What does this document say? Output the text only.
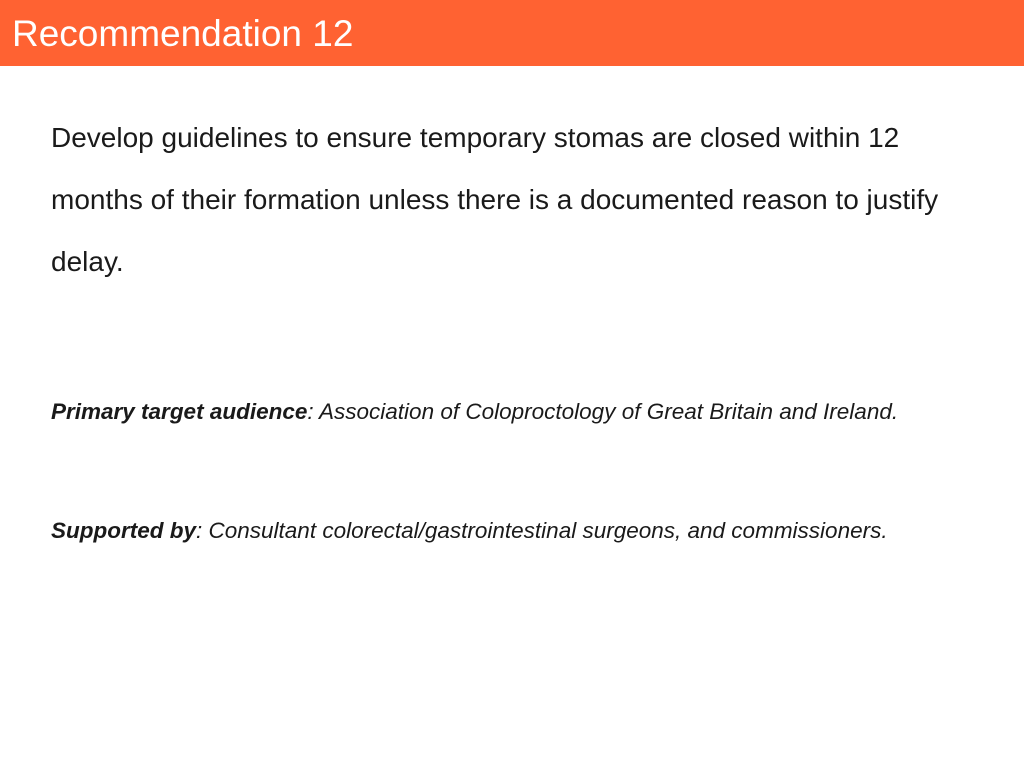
Recommendation 12
Develop guidelines to ensure temporary stomas are closed within 12 months of their formation unless there is a documented reason to justify delay.
Primary target audience: Association of Coloproctology of Great Britain and Ireland.
Supported by: Consultant colorectal/gastrointestinal surgeons, and commissioners.
